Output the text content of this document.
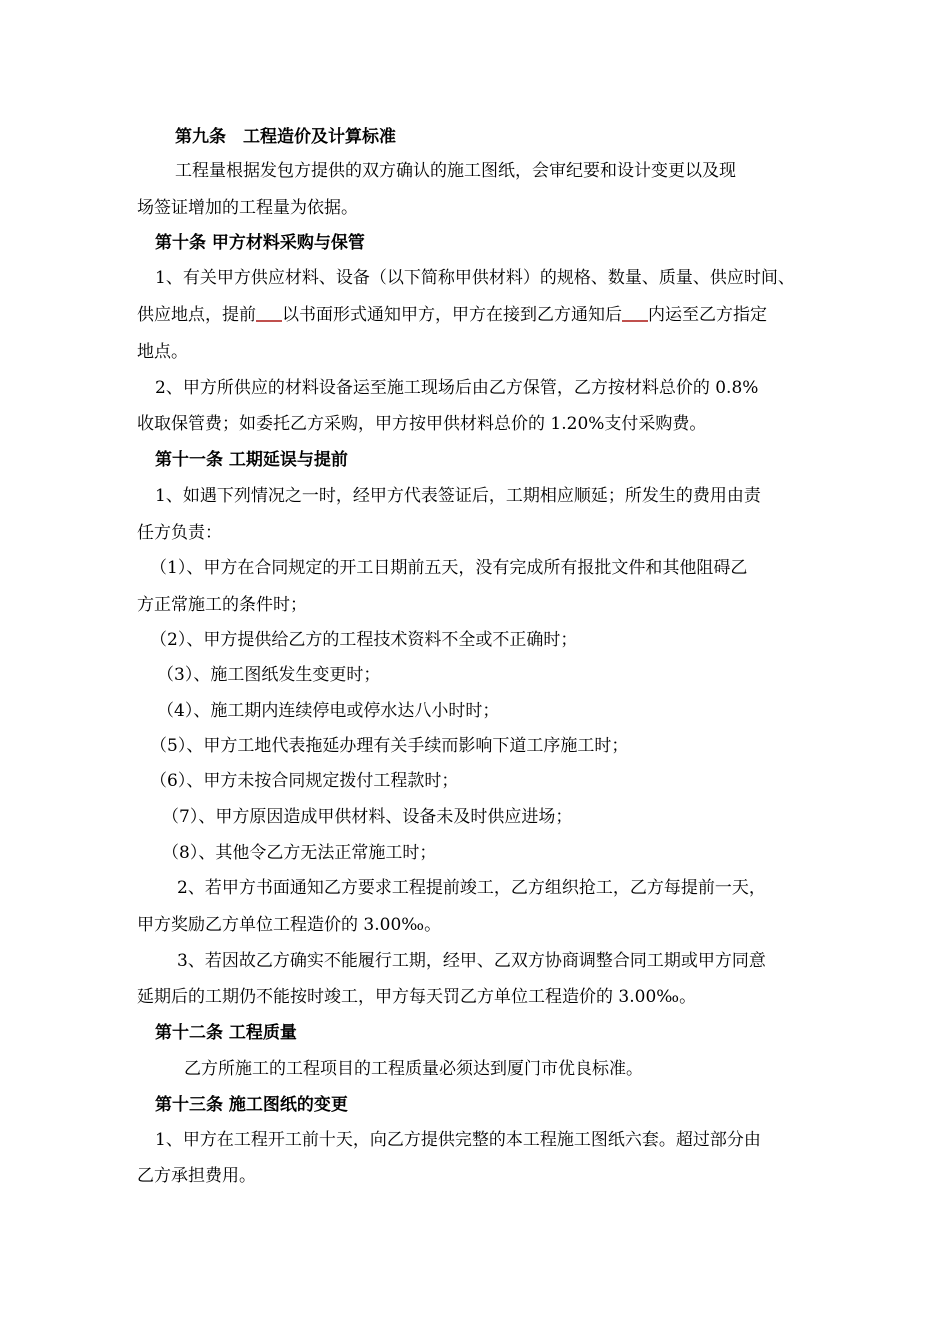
第九条　工程造价及计算标准
工程量根据发包方提供的双方确认的施工图纸，会审纪要和设计变更以及现
场签证增加的工程量为依据。
第十条 甲方材料采购与保管
1、有关甲方供应材料、设备（以下简称甲供材料）的规格、数量、质量、供应时间、
供应地点，提前 以书面形式通知甲方，甲方在接到乙方通知后 内运至乙方指定
地点。
2、甲方所供应的材料设备运至施工现场后由乙方保管，乙方按材料总价的 0.8%
收取保管费；如委托乙方采购，甲方按甲供材料总价的 1.20%支付采购费。
第十一条 工期延误与提前
1、如遇下列情况之一时，经甲方代表签证后，工期相应顺延；所发生的费用由责
任方负责：
（1）、甲方在合同规定的开工日期前五天，没有完成所有报批文件和其他阻碍乙
方正常施工的条件时；
（2）、甲方提供给乙方的工程技术资料不全或不正确时；
（3）、施工图纸发生变更时；
（4）、施工期内连续停电或停水达八小时时；
（5）、甲方工地代表拖延办理有关手续而影响下道工序施工时；
（6）、甲方未按合同规定拨付工程款时；
（7）、甲方原因造成甲供材料、设备未及时供应进场；
（8）、其他令乙方无法正常施工时；
2、若甲方书面通知乙方要求工程提前竣工，乙方组织抢工，乙方每提前一天，
甲方奖励乙方单位工程造价的 3.00‰。
3、若因故乙方确实不能履行工期，经甲、乙双方协商调整合同工期或甲方同意
延期后的工期仍不能按时竣工，甲方每天罚乙方单位工程造价的 3.00‰。
第十二条 工程质量
乙方所施工的工程项目的工程质量必须达到厦门市优良标准。
第十三条 施工图纸的变更
1、甲方在工程开工前十天，向乙方提供完整的本工程施工图纸六套。超过部分由
乙方承担费用。
